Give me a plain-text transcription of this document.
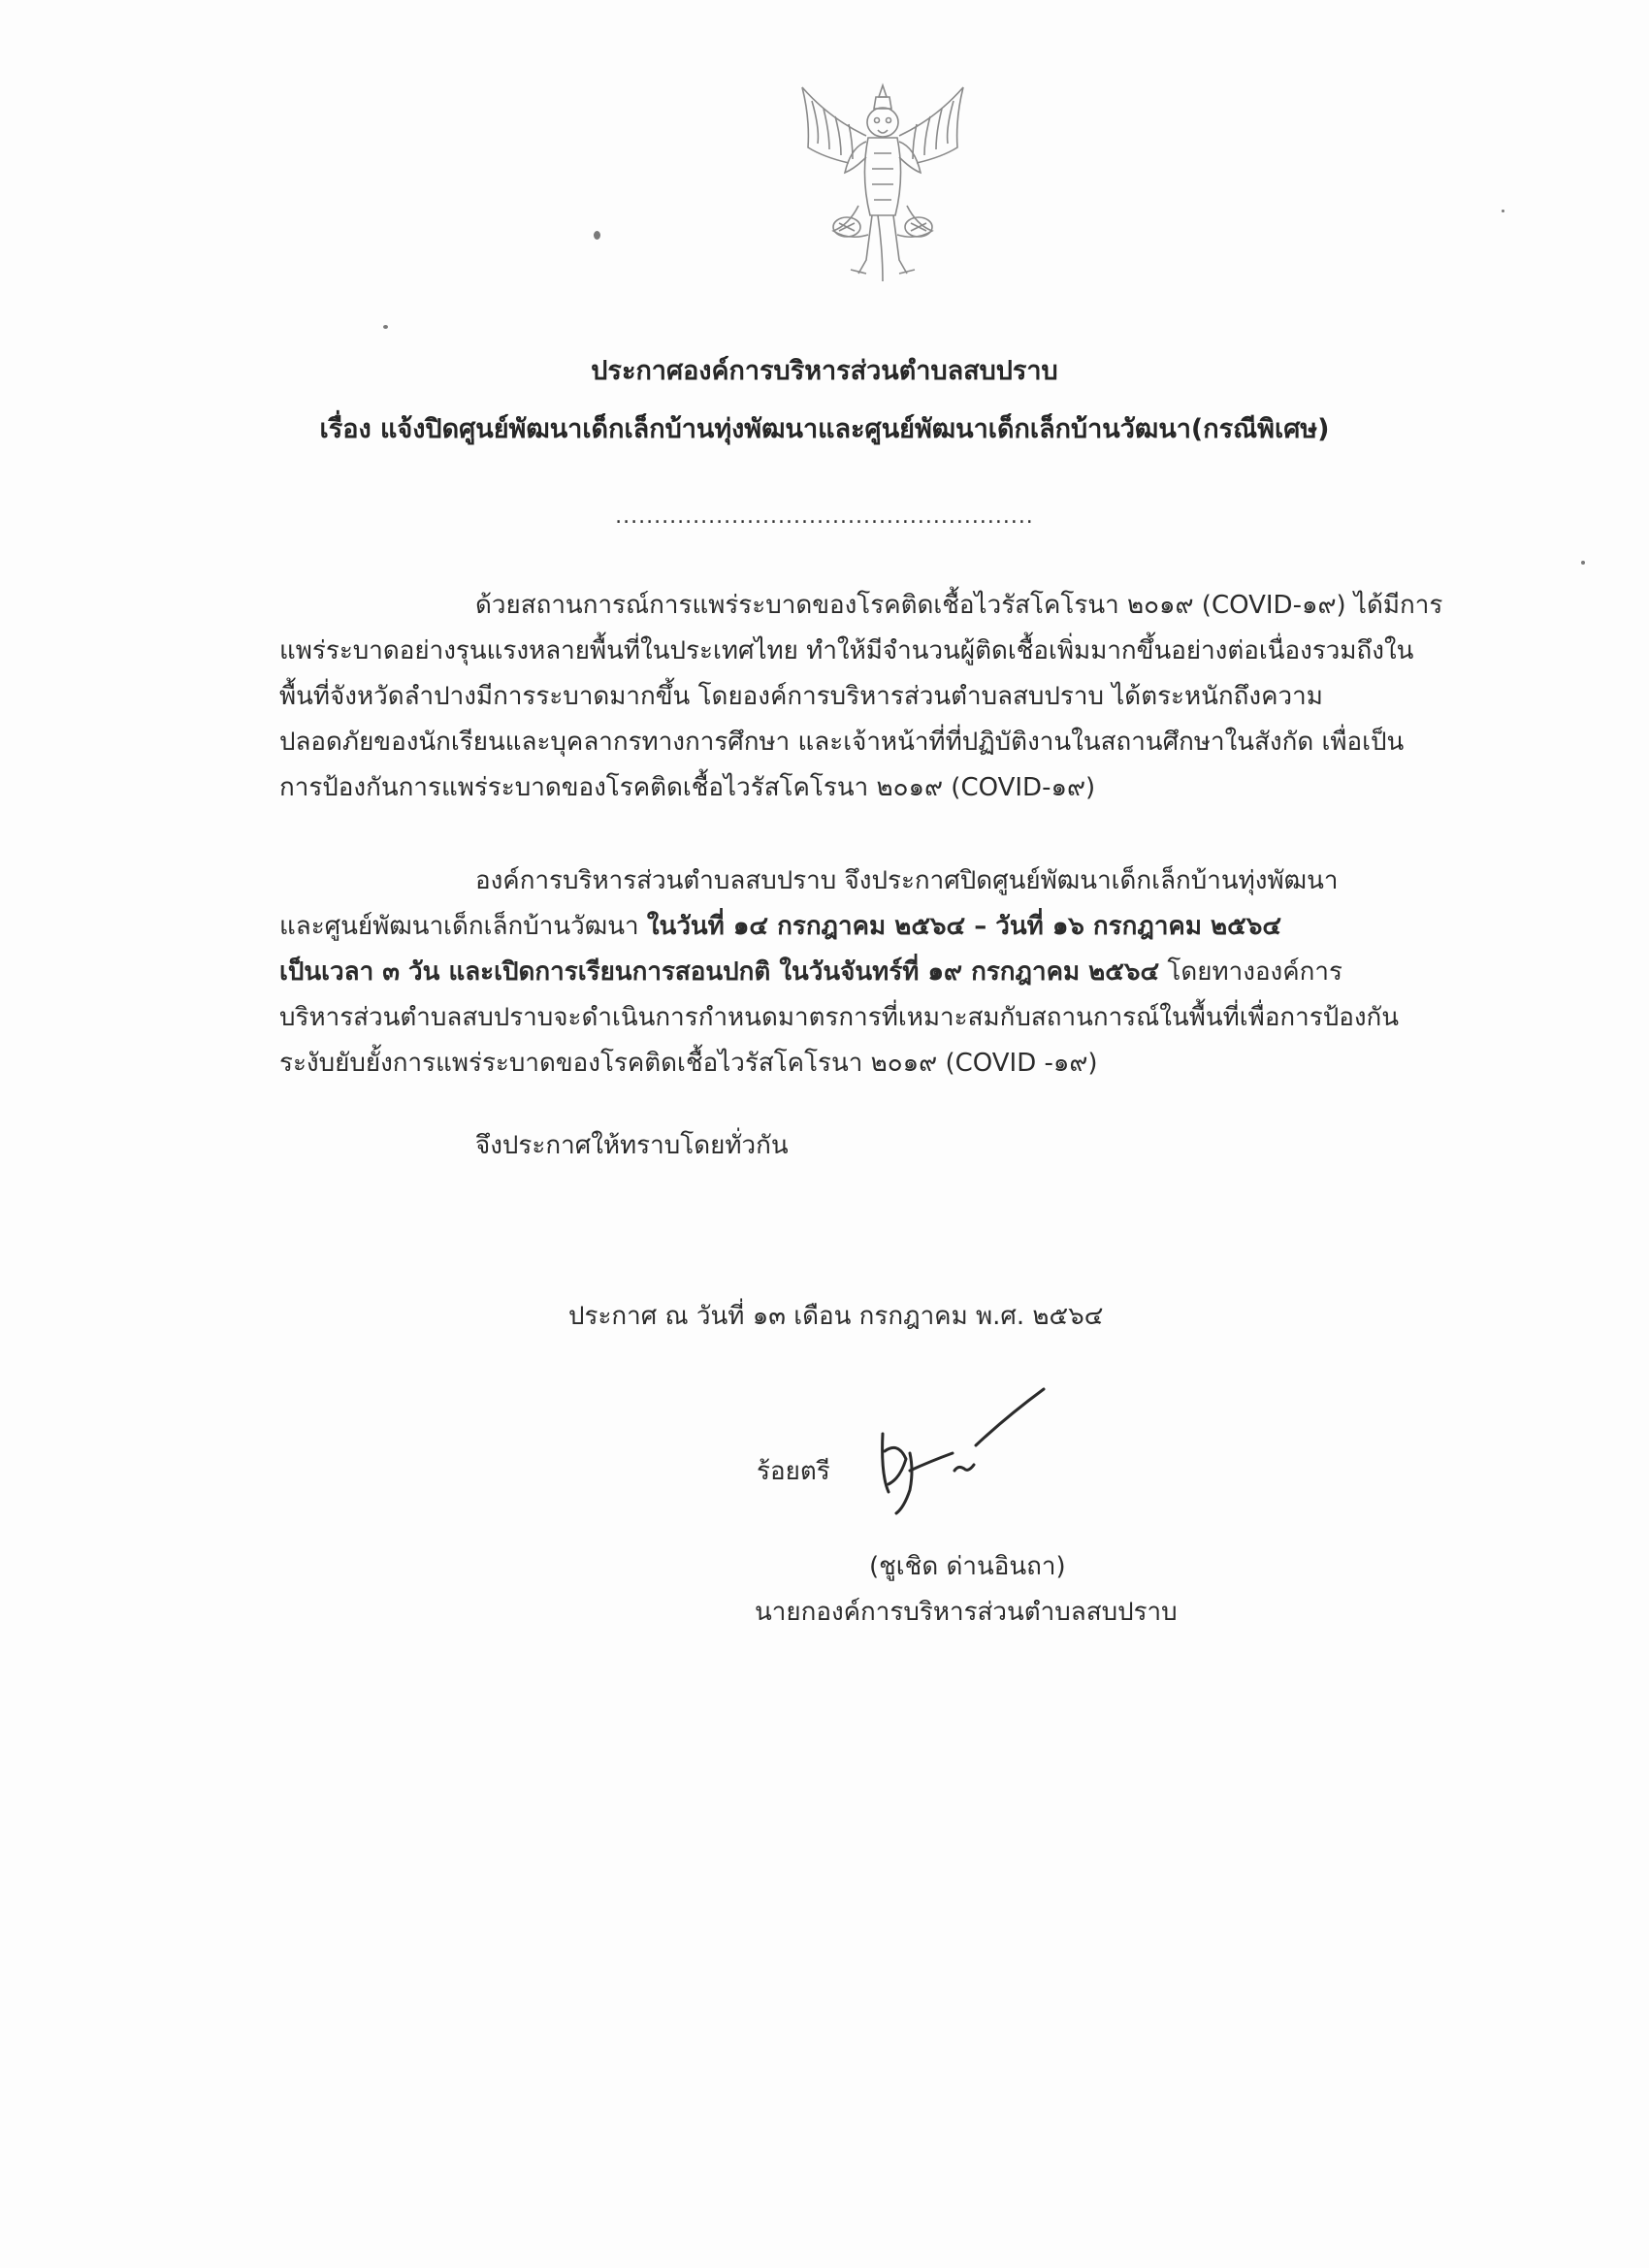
ประกาศองค์การบริหารส่วนตำบลสบปราบ
เรื่อง แจ้งปิดศูนย์พัฒนาเด็กเล็กบ้านทุ่งพัฒนาและศูนย์พัฒนาเด็กเล็กบ้านวัฒนา(กรณีพิเศษ)
......................................................
ด้วยสถานการณ์การแพร่ระบาดของโรคติดเชื้อไวรัสโคโรนา ๒๐๑๙ (COVID-๑๙) ได้มีการ
แพร่ระบาดอย่างรุนแรงหลายพื้นที่ในประเทศไทย ทำให้มีจำนวนผู้ติดเชื้อเพิ่มมากขึ้นอย่างต่อเนื่องรวมถึงใน
พื้นที่จังหวัดลำปางมีการระบาดมากขึ้น โดยองค์การบริหารส่วนตำบลสบปราบ ได้ตระหนักถึงความ
ปลอดภัยของนักเรียนและบุคลากรทางการศึกษา และเจ้าหน้าที่ที่ปฏิบัติงานในสถานศึกษาในสังกัด เพื่อเป็น
การป้องกันการแพร่ระบาดของโรคติดเชื้อไวรัสโคโรนา ๒๐๑๙ (COVID-๑๙)
องค์การบริหารส่วนตำบลสบปราบ จึงประกาศปิดศูนย์พัฒนาเด็กเล็กบ้านทุ่งพัฒนา
และศูนย์พัฒนาเด็กเล็กบ้านวัฒนา ในวันที่ ๑๔ กรกฎาคม ๒๕๖๔ – วันที่ ๑๖ กรกฎาคม ๒๕๖๔
เป็นเวลา ๓ วัน และเปิดการเรียนการสอนปกติ ในวันจันทร์ที่ ๑๙ กรกฎาคม ๒๕๖๔ โดยทางองค์การ
บริหารส่วนตำบลสบปราบจะดำเนินการกำหนดมาตรการที่เหมาะสมกับสถานการณ์ในพื้นที่เพื่อการป้องกัน
ระงับยับยั้งการแพร่ระบาดของโรคติดเชื้อไวรัสโคโรนา ๒๐๑๙ (COVID -๑๙)
จึงประกาศให้ทราบโดยทั่วกัน
ประกาศ ณ วันที่ ๑๓ เดือน กรกฎาคม พ.ศ. ๒๕๖๔
ร้อยตรี
(ชูเชิด ด่านอินถา)
นายกองค์การบริหารส่วนตำบลสบปราบ
